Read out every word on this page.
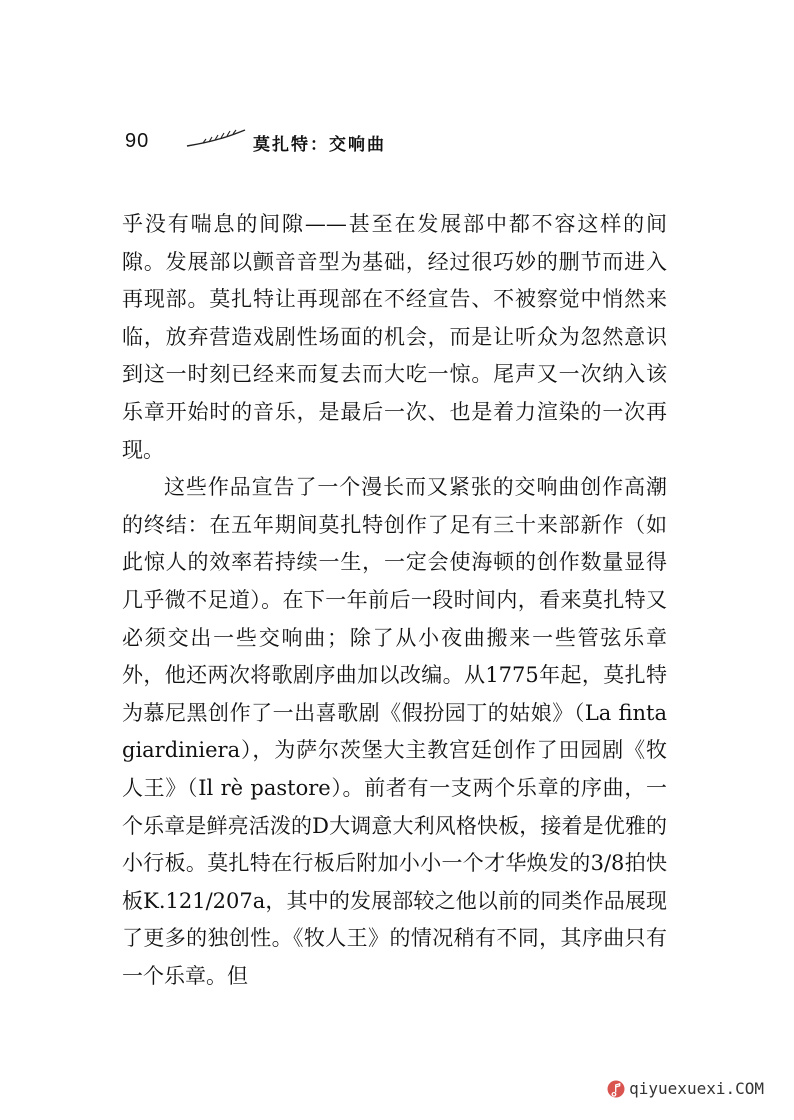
90	莫扎特：交响曲

乎没有喘息的间隙——甚至在发展部中都不容这样的间隙。发展部以颤音音型为基础，经过很巧妙的删节而进入再现部。莫扎特让再现部在不经宣告、不被察觉中悄然来临，放弃营造戏剧性场面的机会，而是让听众为忽然意识到这一时刻已经来而复去而大吃一惊。尾声又一次纳入该乐章开始时的音乐，是最后一次、也是着力渲染的一次再现。

这些作品宣告了一个漫长而又紧张的交响曲创作高潮的终结：在五年期间莫扎特创作了足有三十来部新作（如此惊人的效率若持续一生，一定会使海顿的创作数量显得几乎微不足道）。在下一年前后一段时间内，看来莫扎特又必须交出一些交响曲；除了从小夜曲搬来一些管弦乐章外，他还两次将歌剧序曲加以改编。从1775年起，莫扎特为慕尼黑创作了一出喜歌剧《假扮园丁的姑娘》（La finta giardiniera），为萨尔茨堡大主教宫廷创作了田园剧《牧人王》（Il rè pastore）。前者有一支两个乐章的序曲，一个乐章是鲜亮活泼的D大调意大利风格快板，接着是优雅的小行板。莫扎特在行板后附加小小一个才华焕发的3/8拍快板K.121/207a，其中的发展部较之他以前的同类作品展现了更多的独创性。《牧人王》的情况稍有不同，其序曲只有一个乐章。但

qiyuexuexi.COM
